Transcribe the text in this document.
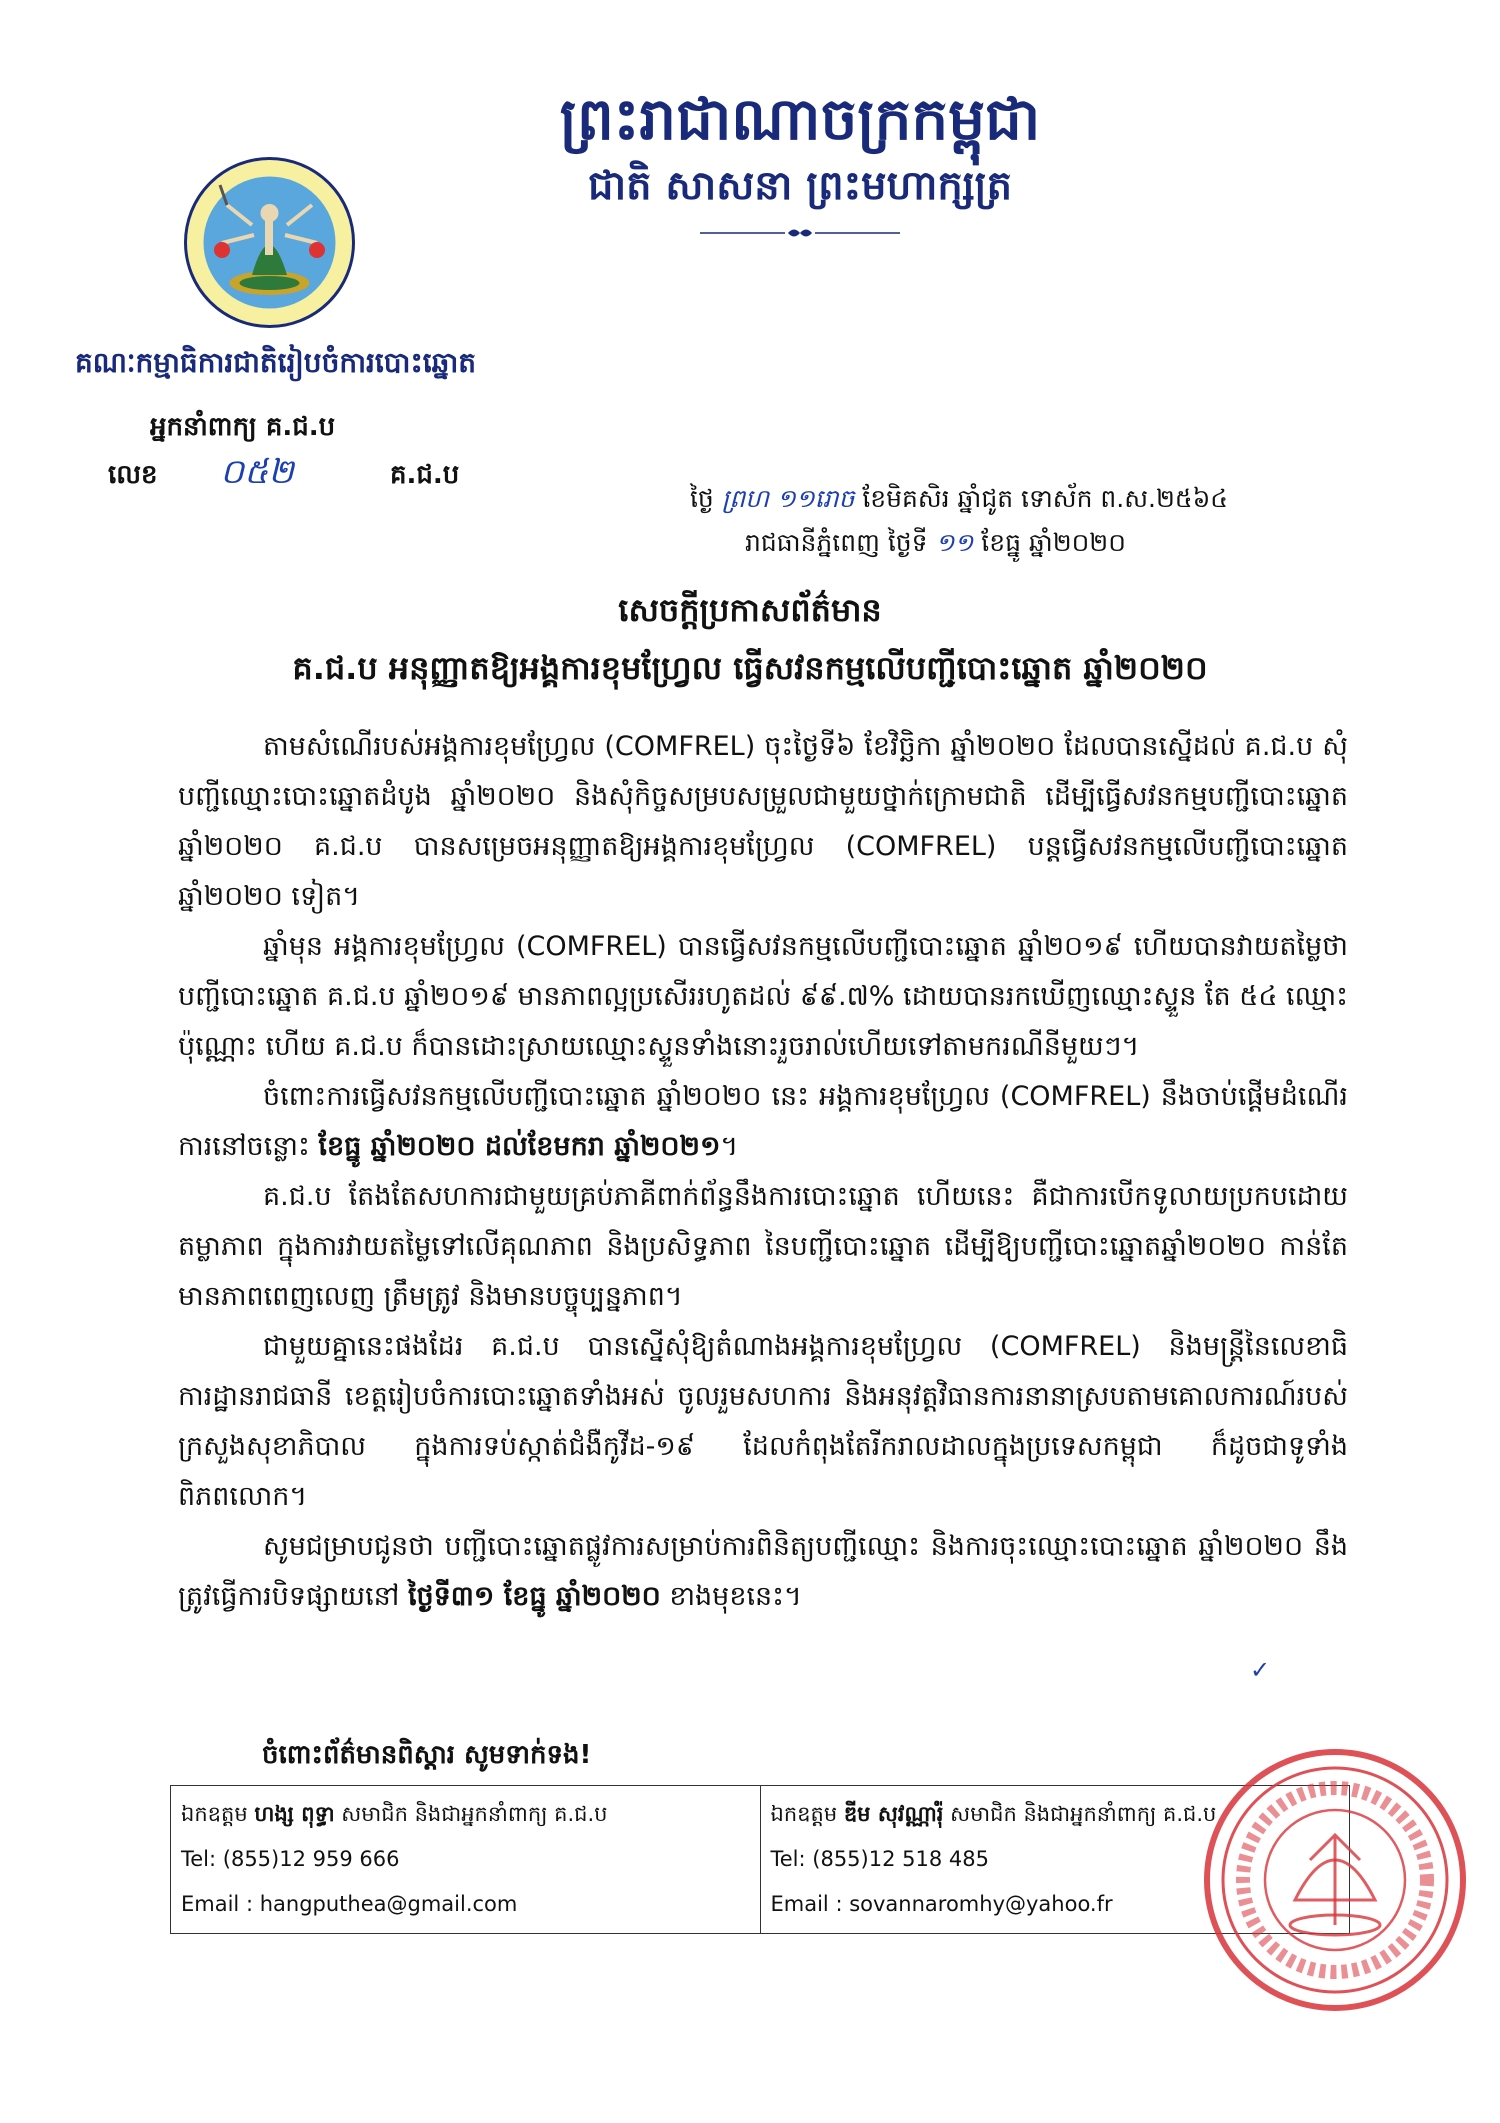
ព្រះរាជាណាចក្រកម្ពុជា
ជាតិ សាសនា ព្រះមហាក្សត្រ
គណៈកម្មាធិការជាតិរៀបចំការបោះឆ្នោត
អ្នកនាំពាក្យ គ.ជ.ប
លេខ ០៥២	គ.ជ.ប
ថ្ងៃ ព្រហ ១១រោច ខែមិគសិរ ឆ្នាំជូត ទោស័ក ព.ស.២៥៦៤
រាជធានីភ្នំពេញ ថ្ងៃទី ១១ ខែធ្នូ ឆ្នាំ២០២០
សេចក្តីប្រកាសព័ត៌មាន
គ.ជ.ប អនុញ្ញាតឱ្យអង្គការខុមហ្វ្រែល ធ្វើសវនកម្មលើបញ្ជីបោះឆ្នោត ឆ្នាំ២០២០

តាមសំណើរបស់អង្គការខុមហ្វ្រែល (COMFREL) ចុះថ្ងៃទី៦ ខែវិច្ឆិកា ឆ្នាំ២០២០ ដែលបានស្នើដល់ គ.ជ.ប សុំបញ្ជីឈ្មោះបោះឆ្នោតដំបូង ឆ្នាំ២០២០ និងសុំកិច្ចសម្របសម្រួលជាមួយថ្នាក់ក្រោមជាតិ ដើម្បីធ្វើសវនកម្មបញ្ជីបោះឆ្នោត ឆ្នាំ២០២០ គ.ជ.ប បានសម្រេចអនុញ្ញាតឱ្យអង្គការខុមហ្វ្រែល (COMFREL) បន្តធ្វើសវនកម្មលើបញ្ជីបោះឆ្នោត ឆ្នាំ២០២០ ទៀត។

ឆ្នាំមុន អង្គការខុមហ្វ្រែល (COMFREL) បានធ្វើសវនកម្មលើបញ្ជីបោះឆ្នោត ឆ្នាំ២០១៩ ហើយបានវាយតម្លៃថា បញ្ជីបោះឆ្នោត គ.ជ.ប ឆ្នាំ២០១៩ មានភាពល្អប្រសើររហូតដល់ ៩៩.៧% ដោយបានរកឃើញឈ្មោះស្ទួន តែ ៥៤ ឈ្មោះប៉ុណ្ណោះ ហើយ គ.ជ.ប ក៏បានដោះស្រាយឈ្មោះស្ទួនទាំងនោះរួចរាល់ហើយទៅតាមករណីនីមួយៗ។

ចំពោះការធ្វើសវនកម្មលើបញ្ជីបោះឆ្នោត ឆ្នាំ២០២០ នេះ អង្គការខុមហ្វ្រែល (COMFREL) នឹងចាប់ផ្តើមដំណើរការនៅចន្លោះ ខែធ្នូ ឆ្នាំ២០២០ ដល់ខែមករា ឆ្នាំ២០២១។

គ.ជ.ប តែងតែសហការជាមួយគ្រប់ភាគីពាក់ព័ន្ធនឹងការបោះឆ្នោត ហើយនេះ គឺជាការបើកទូលាយប្រកបដោយតម្លាភាព ក្នុងការវាយតម្លៃទៅលើគុណភាព និងប្រសិទ្ធភាព នៃបញ្ជីបោះឆ្នោត ដើម្បីឱ្យបញ្ជីបោះឆ្នោតឆ្នាំ២០២០ កាន់តែមានភាពពេញលេញ ត្រឹមត្រូវ និងមានបច្ចុប្បន្នភាព។

ជាមួយគ្នានេះផងដែរ គ.ជ.ប បានស្នើសុំឱ្យតំណាងអង្គការខុមហ្វ្រែល (COMFREL) និងមន្ត្រីនៃលេខាធិការដ្ឋានរាជធានី ខេត្តរៀបចំការបោះឆ្នោតទាំងអស់ ចូលរួមសហការ និងអនុវត្តវិធានការនានាស្របតាមគោលការណ៍របស់ក្រសួងសុខាភិបាល ក្នុងការទប់ស្កាត់ជំងឺកូវីដ-១៩ ដែលកំពុងតែរីករាលដាលក្នុងប្រទេសកម្ពុជា ក៏ដូចជាទូទាំងពិភពលោក។

សូមជម្រាបជូនថា បញ្ជីបោះឆ្នោតផ្លូវការសម្រាប់ការពិនិត្យបញ្ជីឈ្មោះ និងការចុះឈ្មោះបោះឆ្នោត ឆ្នាំ២០២០ នឹងត្រូវធ្វើការបិទផ្សាយនៅ ថ្ងៃទី៣១ ខែធ្នូ ឆ្នាំ២០២០ ខាងមុខនេះ។

✓
ចំពោះព័ត៌មានពិស្តារ សូមទាក់ទង!
ឯកឧត្តម ហង្ស ពុទ្ធា សមាជិក និងជាអ្នកនាំពាក្យ គ.ជ.ប
Tel: (855)12 959 666
Email : hangputhea@gmail.com

ឯកឧត្តម ឌីម សុវណ្ណារ៉ុំ សមាជិក និងជាអ្នកនាំពាក្យ គ.ជ.ប
Tel: (855)12 518 485
Email : sovannaromhy@yahoo.fr
